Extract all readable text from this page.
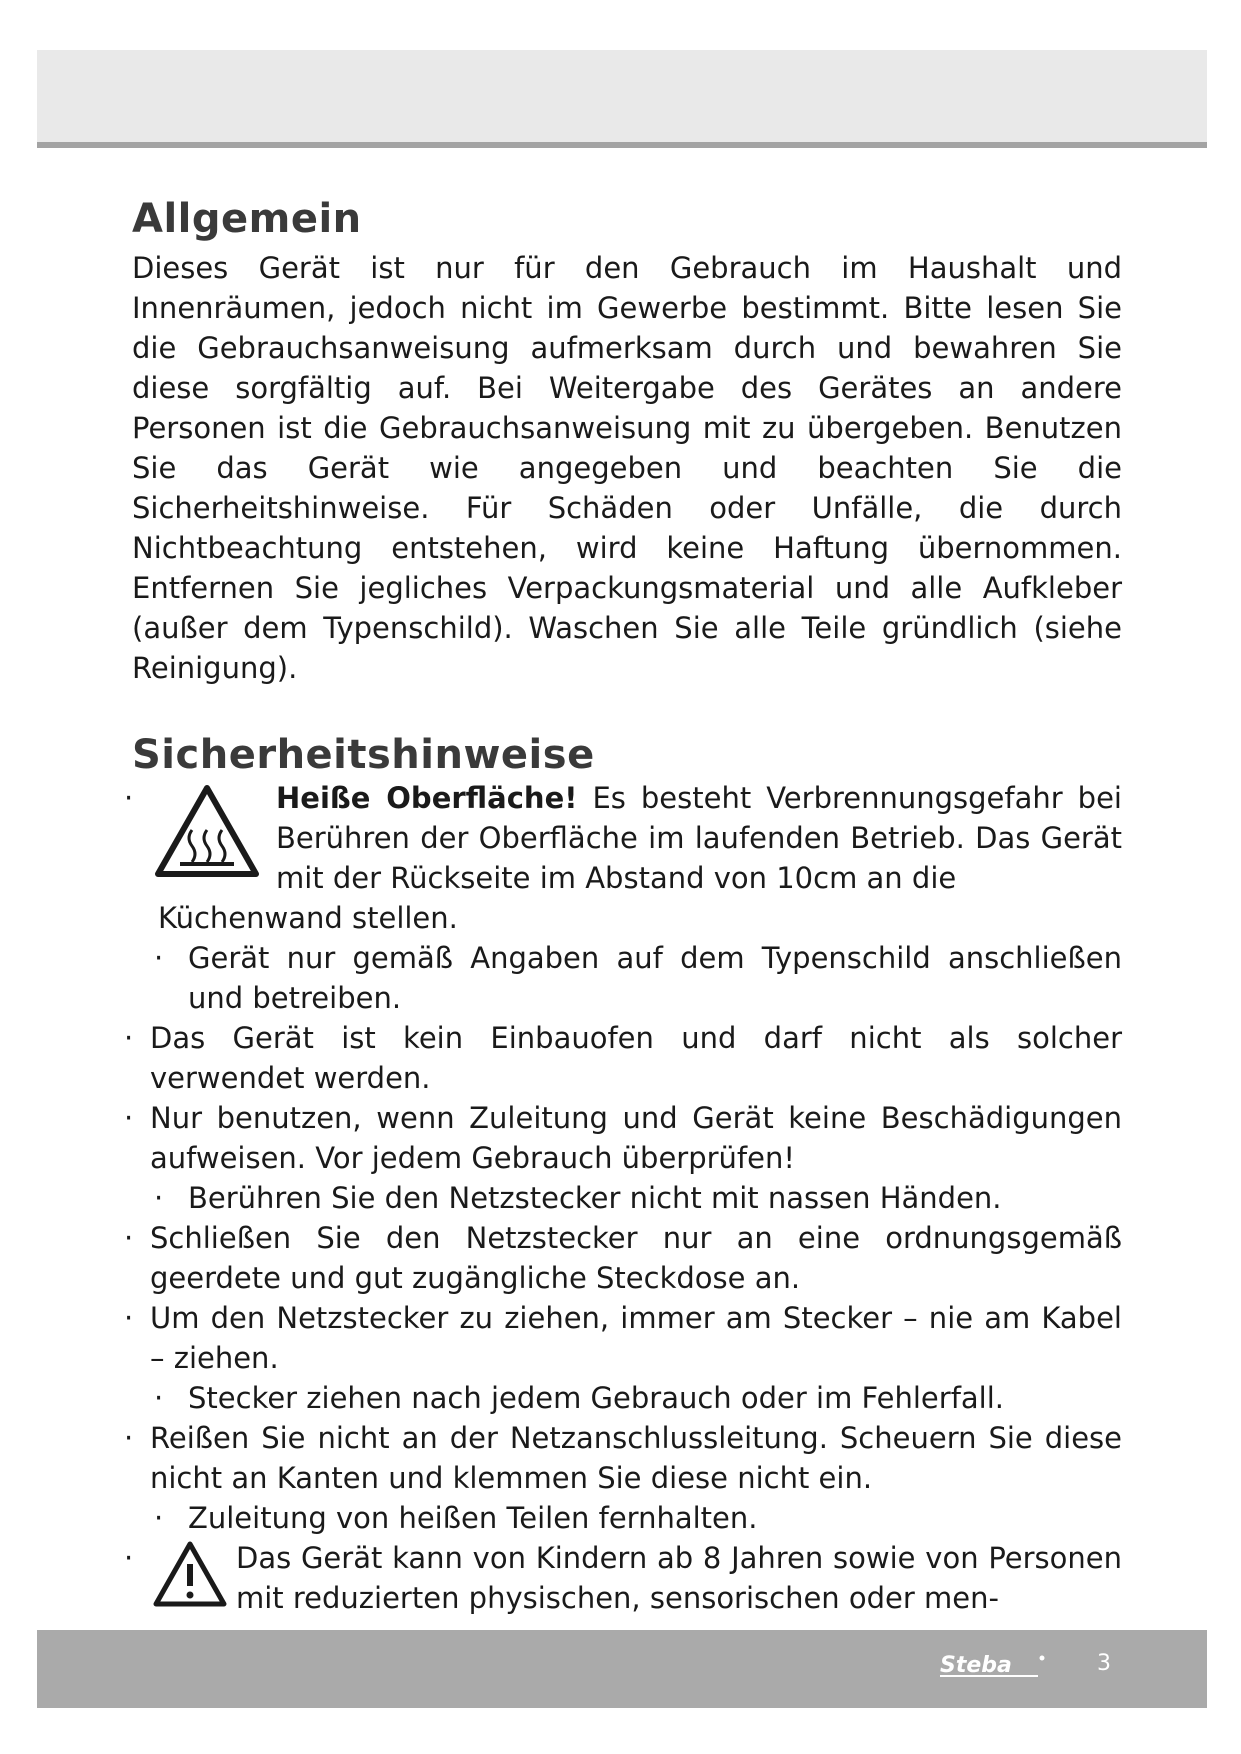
Allgemein

Dieses Gerät ist nur für den Gebrauch im Haushalt und Innenräumen, jedoch nicht im Gewerbe bestimmt. Bitte lesen Sie die Gebrauchsanweisung aufmerksam durch und bewahren Sie diese sorgfältig auf. Bei Weitergabe des Gerätes an andere Personen ist die Gebrauchsanweisung mit zu übergeben. Benutzen Sie das Gerät wie angegeben und beachten Sie die Sicherheitshinweise. Für Schäden oder Unfälle, die durch Nichtbeachtung entstehen, wird keine Haftung übernommen. Entfernen Sie jegliches Verpackungsmaterial und alle Aufkleber (außer dem Typenschild). Waschen Sie alle Teile gründlich (siehe Reinigung).

Sicherheitshinweise
·	Heiße Oberfläche! Es besteht Verbrennungsgefahr bei Berühren der Oberfläche im laufenden Betrieb. Das Gerät mit der Rückseite im Abstand von 10cm an die
Küchenwand stellen.
· Gerät nur gemäß Angaben auf dem Typenschild anschließen und betreiben.
· Das Gerät ist kein Einbauofen und darf nicht als solcher verwendet werden.
· Nur benutzen, wenn Zuleitung und Gerät keine Beschädigungen aufweisen. Vor jedem Gebrauch überprüfen!
· Berühren Sie den Netzstecker nicht mit nassen Händen.
· Schließen Sie den Netzstecker nur an eine ordnungsgemäß geerdete und gut zugängliche Steckdose an.
· Um den Netzstecker zu ziehen, immer am Stecker – nie am Kabel – ziehen.
· Stecker ziehen nach jedem Gebrauch oder im Fehlerfall.
· Reißen Sie nicht an der Netzanschlussleitung. Scheuern Sie diese nicht an Kanten und klemmen Sie diese nicht ein.
· Zuleitung von heißen Teilen fernhalten.
·	Das Gerät kann von Kindern ab 8 Jahren sowie von Personen mit reduzierten physischen, sensorischen oder men-
Steba	3
